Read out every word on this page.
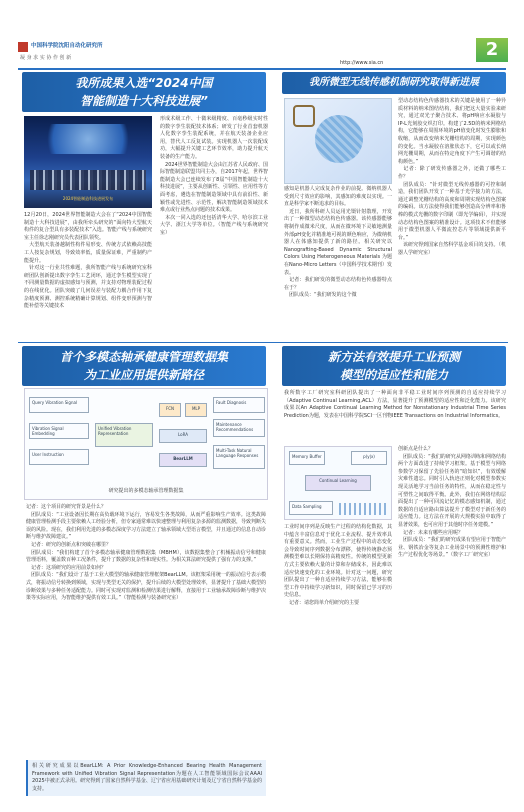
中国科学院沈阳自动化研究所
凝 身 求 实 协 作 创 新	2
http://www.sia.cn
我所成果入选“2024中国
智能制造十大科技进展”
2024智能制造科技进展发布
12月20日，2024世界智能制造大会在了“2024中国智能制造十大科技进展”，由我所牵头研究的“面向特大型航天构件的复合型具有多装配技术”入选。智能产线与系统研究室主任徐志刚研究员代表团队领奖。
　大型航天装备越制性构件易形变、传统方式依赖高技能工人按复杂规划，导致效率低，质量保证难，严重制约产能提升。
　针对这一行业共性难题，我所智能产线与系统研究室科研团队创新提出数字孪生工艺闭环，通过孪生模型实现了不同测量数据的虚拟感知与预测，并支持对物理装配过程的在线优化。团队突破了几何误差与装配力耦合作用下复杂精度预测、测控系统精确计算规划、组件变形预测与智能补偿等关键技术
形成术级工作、十微米级精度、百毫秒级实时性的数字孪生装配技术体系；研发了行业首套机器人化数字孪生装配系统，并在航天装备企业应用，替代人工反复试装。实现机器人一次装配成功，大幅提升关键工艺环节效率，助力提升航天装备的生产能力。
　2024世界智能制造大会由江苏省人民政府、国际智能制造联盟共同主办，自2017年起，世界智能制造大会已连续发布了8届“中国智能制造十大科技进展”，主要从创新性、引领性、应用性等方面考虑，遴选在智能制造领域中具有前沿性、新颖性或先进性、示范性，解决智能制造领域技术难点或行业热点问题的技术成果。
　本次一同入选的还包括清华大学、哈尔滨工业大学、浙江大学等单位。（智能产线与系统研究室）
我所微型无线传感机制研究取得新进展
感知是机器人完成复杂作业的前提。微纳机器人受到尺寸效应的影响，其感知的难度以实现。一直是科学家不断追求的目标。
　近日，我所科研人员运用光镊针射散理，开发出了一种微型动态结构色传感器。该传感器能够将制作成微米尺度，从而在微环境下灵敏地测量外部pH变化并精准地可视的颜色响应，为微纳机器人在体感知提供了新的路径。相关研究以Nanografting-Based Dynamic Structural Colors Using Heterogeneous Materials 为题在Nano-Micro Letters（中国科学技术期刊）发表。
　记者：我们研发的微型动态结构色传感器特点在于？
　团队成员：“我们研发的这个微
型动态结构色传感器技术的关键是使用了一种异质材料的纳米图结结构，我们把这大量实验来研究，通过双光子聚合技术、将pH响应水凝胶与IP-L光刻胶交织打印。构建了2.5D的纳米网格结构，它能够在周围环境的pH值变化时发生膨胀和收缩，从而改变纳米光栅结构的周期，实现颜色的变化。当水凝胶在溶胀状态下，它可以或长纳网光栅周期，从而在特定角度下产生可调谐的结构颜色。”
　记者：除了研发传感器之外，还做了哪些工作？
　团队成员：“针对微型无线传感器的可控和制造，我们团队开发了一种基于光学接力的方法，通过调整光栅结构的高度和周期实现结构色图案的编码。该方法使得我们能够创造高分辨率和鲁棒的模式光栅的数字印刷（即光学编码），并实现动态结构色图案的精准设计。这项技术不但能够用于微型机器人平微流控芯片等领域提供新平台。”
　该研究得到国家自然科学基金项目的支持。（机器人学研究室）
首个多模态轴承健康管理数据集
为工业应用提供新路径
Query Vibration Signal
Vibration Signal Embedding
User Instruction
Unified Vibration Representation
FCN	MLP
LoRA
BearLLM
Fault Diagnosis
Maintenance Recommendations
Multi-Task Natural Language Responses
研究提出的多模态轴承管理数据集
记者：这个项目的研究背景是什么？
　团队成员：“工业设备因长期在高负载环境下运行，容易发生各类故障，从而严重影响生产效率。这类故障健康管理检测手段主要依赖人工经验分析，但专家通常难以快速整理与利用复杂多源的监测数据，导致判断失误的风险。现在，我们利用先进的多模态深度学习方法建立了轴承领域大型语言模型，并且通过的信息自动诊断与维护故障建议。”
　记者：研究的创新点和突破在哪里？
　团队成员：“我们构建了首个多模态轴承健康管理数据集（MBHM），该数据集整合了机械振动信号和健康管理语料，覆盖数百种工况条件，提升了数据的复杂性和现实性。为相关算法研究提供了强有力的支撑。”
　记者：这项研究的应用前景如何？
　团队成员：“我们设计了基于工业大模型的轴承健康管理框架BearLLM。该框架采用统一的振动信号表示模式，将振动信号转换到频域，实现与类型无关的保护，提升后续的大模型处理效率，显著提升了基础大模型的诊断效果与多种任务适配能力。同时可实现对监测和检测结果进行解释，直接用于工业轴承故障诊断与维护决策等实际应用，为智能维护提供有效工具。”（智能检测与装备研究室）
相关研究成果以BearLLM: A Prior Knowledge-Enhanced Bearing Health Management Framework with Unified Vibration Signal Representation为题在人工智能领域国际会议AAAI 2025中被正式录用。研究得到了国家自然科学基金、辽宁省应用基础研究计划及辽宁省自然科学基金的支持。
新方法有效提升工业预测
模型的适应性和能力
我所数字工厂研究室科研团队提出了一种面向非平稳工业时间序列预测的自适应持续学习（Adaptive Continual Learning,ACL）方法，显著提升了预测模型的适应性和泛化能力。该研究成果以An Adaptive Continual Learning Method for Nonstationary Industrial Time Series Prediction为题，发表在中国科学院SCI一区刊物IEEE Transactions on Industrial Informatics。
Memory Buffer	p(y|x)
Continual Learning
Data Sampling
工业时间序列是反映生产过程的结构化数据，其中蕴含丰富信息对于优化工业流程、提升效率具有重要意义。然而，工业生产过程中的动态变化会导致时间序列数据分布漂移，使得传统静态预测模型难以长期保持高精度性。传统的模型更新方式主要依赖大量的计算和存储成本，因此难以适应快速变化的工业环境。针对这一问题，研究团队提出了一种自适应持续学习方法，能够在模型工作中持续学习新知识，同时保留已学习的历史信息。
　记者：请您简单介绍研究的主要
创新点是什么？
　团队成员：“我们的研究从网络训练和网络结构两个方面改进了持续学习框架。基于模型与网络参数学习保留了先验任务的“暗知识”，有效缓解灾难性遗忘。同时引入轨迹正则化对模型参数实现灵活地学习当前任务的特性，从而在稳定性与可塑性之间取得平衡。此外，我们在网络结构层面提出了一种可回流记忆的模态感知机制，通过数据的自适应路由算法提升了模型对于新任务的适应能力。这方法在开展的大规模实验中取得了显著效果，也可应用于其他时序任务建模。”
　记者：未来有哪些应用呢？
　团队成员：“我们的研究成果有望应用于智能产业、钢铁冶金等复杂工业场景中的预测性维护和生产过程优化等场景。”（数字工厂研究室）
